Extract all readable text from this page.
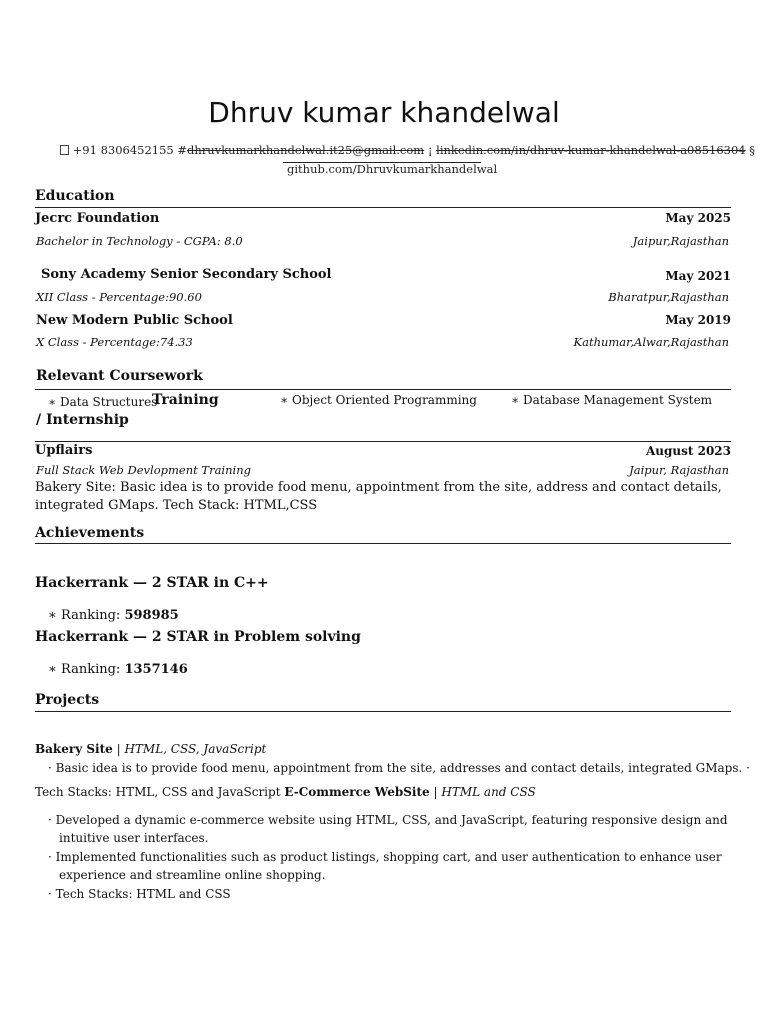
Dhruv kumar khandelwal
+91 8306452155 #dhruvkumarkhandelwal.it25@gmail.com ¡ linkedin.com/in/dhruv-kumar-khandelwal-a08516304 §
github.com/Dhruvkumarkhandelwal
Education
Jecrc Foundation	May 2025
Bachelor in Technology - CGPA: 8.0	Jaipur,Rajasthan
Sony Academy Senior Secondary School	May 2021
XII Class - Percentage:90.60	Bharatpur,Rajasthan
New Modern Public School	May 2019
X Class - Percentage:74.33	Kathumar,Alwar,Rajasthan
Relevant Coursework
∗ Data Structures
Training	∗ Object Oriented Programming	∗ Database Management System
/ Internship
Upflairs	August 2023
Full Stack Web Devlopment Training	Jaipur, Rajasthan
Bakery Site: Basic idea is to provide food menu, appointment from the site, address and contact details, integrated GMaps. Tech Stack: HTML,CSS
Achievements
Hackerrank — 2 STAR in C++
∗ Ranking: 598985
Hackerrank — 2 STAR in Problem solving
∗ Ranking: 1357146
Projects
Bakery Site | HTML, CSS, JavaScript
· Basic idea is to provide food menu, appointment from the site, addresses and contact details, integrated GMaps. ·
Tech Stacks: HTML, CSS and JavaScript E-Commerce WebSite | HTML and CSS
· Developed a dynamic e-commerce website using HTML, CSS, and JavaScript, featuring responsive design and intuitive user interfaces.
· Implemented functionalities such as product listings, shopping cart, and user authentication to enhance user experience and streamline online shopping.
· Tech Stacks: HTML and CSS
